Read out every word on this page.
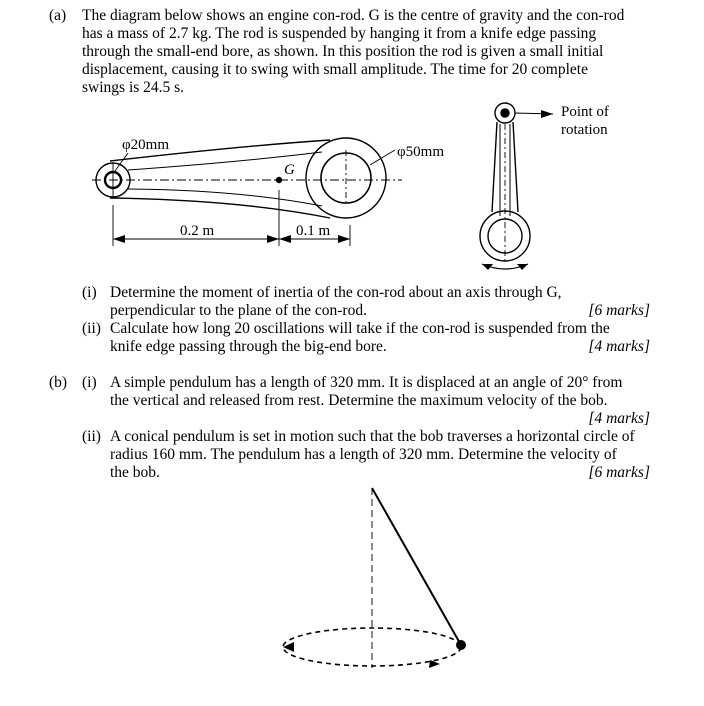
(a) The diagram below shows an engine con-rod. G is the centre of gravity and the con-rod
has a mass of 2.7 kg. The rod is suspended by hanging it from a knife edge passing
through the small-end bore, as shown. In this position the rod is given a small initial
displacement, causing it to swing with small amplitude. The time for 20 complete
swings is 24.5 s.
φ20mm	φ50mm
G
0.2 m	0.1 m
Point of
rotation
(i) Determine the moment of inertia of the con-rod about an axis through G,
perpendicular to the plane of the con-rod.	[6 marks]
(ii) Calculate how long 20 oscillations will take if the con-rod is suspended from the
knife edge passing through the big-end bore.	[4 marks]
(b) (i) A simple pendulum has a length of 320 mm. It is displaced at an angle of 20° from
the vertical and released from rest. Determine the maximum velocity of the bob.
[4 marks]
(ii) A conical pendulum is set in motion such that the bob traverses a horizontal circle of
radius 160 mm. The pendulum has a length of 320 mm. Determine the velocity of
the bob.	[6 marks]
